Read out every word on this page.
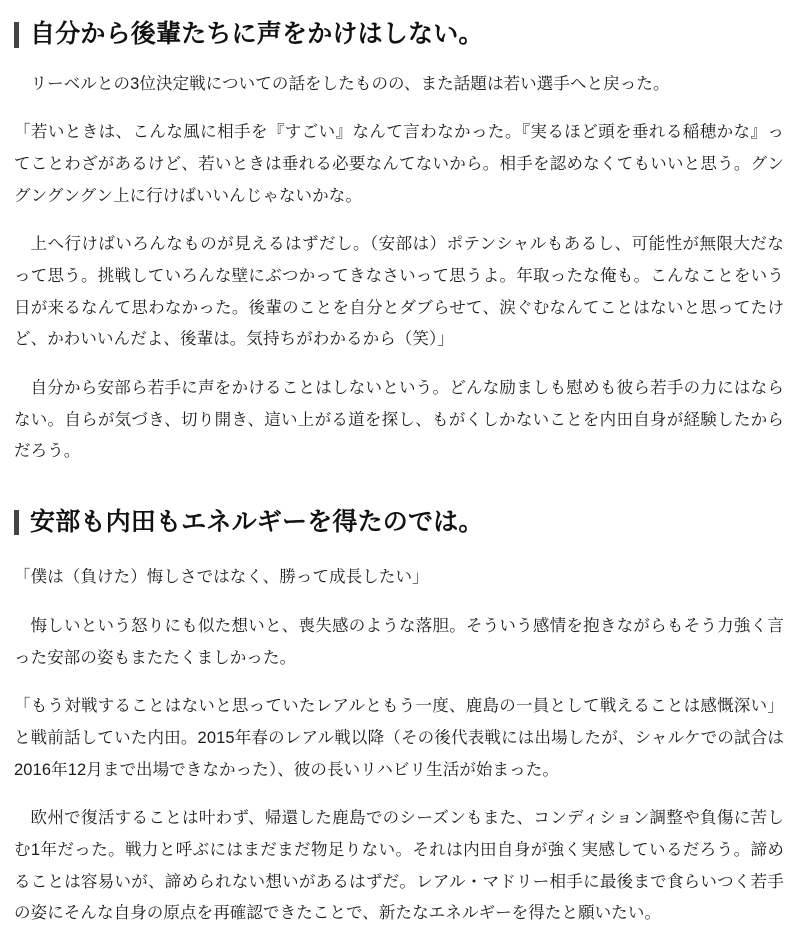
自分から後輩たちに声をかけはしない。

リーベルとの3位決定戦についての話をしたものの、また話題は若い選手へと戻った。

「若いときは、こんな風に相手を『すごい』なんて言わなかった。『実るほど頭を垂れる稲穂かな』ってことわざがあるけど、若いときは垂れる必要なんてないから。相手を認めなくてもいいと思う。グングングングン上に行けばいいんじゃないかな。

上へ行けばいろんなものが見えるはずだし。（安部は）ポテンシャルもあるし、可能性が無限大だなって思う。挑戦していろんな壁にぶつかってきなさいって思うよ。年取ったな俺も。こんなことをいう日が来るなんて思わなかった。後輩のことを自分とダブらせて、涙ぐむなんてことはないと思ってたけど、かわいいんだよ、後輩は。気持ちがわかるから（笑）」

自分から安部ら若手に声をかけることはしないという。どんな励ましも慰めも彼ら若手の力にはならない。自らが気づき、切り開き、這い上がる道を探し、もがくしかないことを内田自身が経験したからだろう。

安部も内田もエネルギーを得たのでは。

「僕は（負けた）悔しさではなく、勝って成長したい」

悔しいという怒りにも似た想いと、喪失感のような落胆。そういう感情を抱きながらもそう力強く言った安部の姿もまたたくましかった。

「もう対戦することはないと思っていたレアルともう一度、鹿島の一員として戦えることは感慨深い」と戦前話していた内田。2015年春のレアル戦以降（その後代表戦には出場したが、シャルケでの試合は2016年12月まで出場できなかった）、彼の長いリハビリ生活が始まった。

欧州で復活することは叶わず、帰還した鹿島でのシーズンもまた、コンディション調整や負傷に苦しむ1年だった。戦力と呼ぶにはまだまだ物足りない。それは内田自身が強く実感しているだろう。諦めることは容易いが、諦められない想いがあるはずだ。レアル・マドリー相手に最後まで食らいつく若手の姿にそんな自身の原点を再確認できたことで、新たなエネルギーを得たと願いたい。
